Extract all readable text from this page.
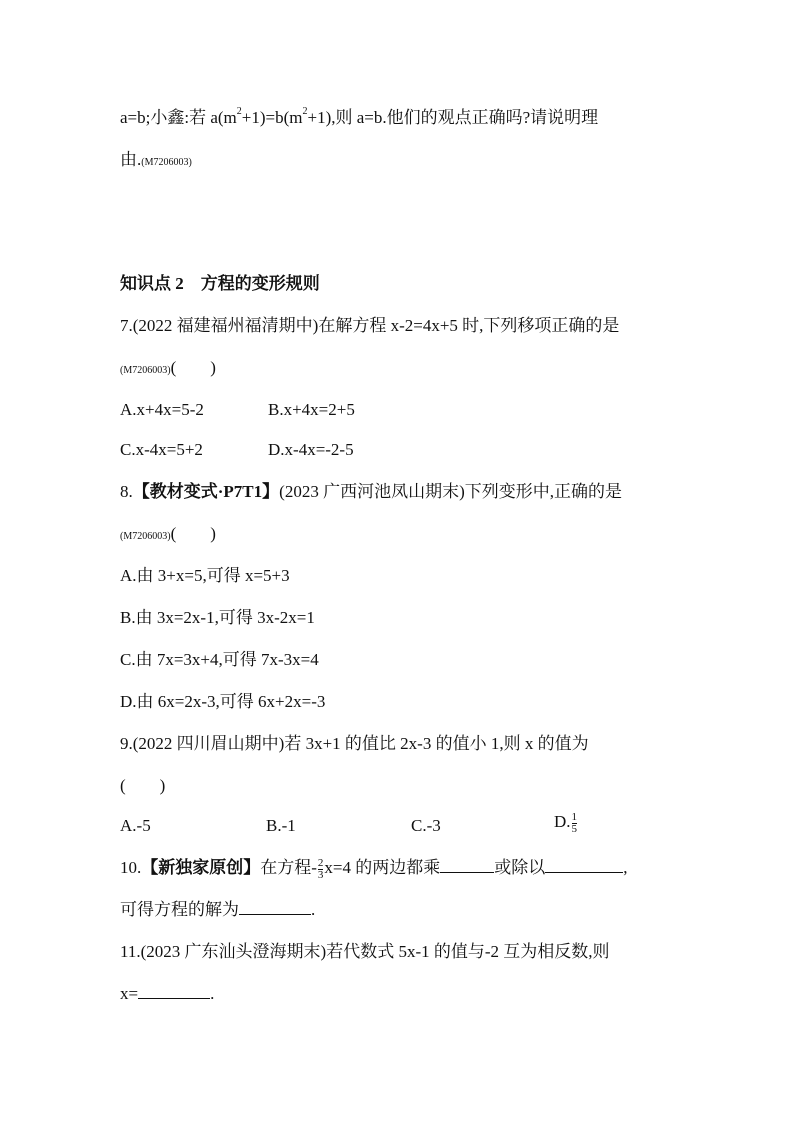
a=b;小鑫:若 $a(m^2+1)=b(m^2+1)$,则 a=b.他们的观点正确吗?请说明理
由.(M7206003)
知识点 2　方程的变形规则
7.(2022 福建福州福清期中)在解方程 x-2=4x+5 时,下列移项正确的是
(M7206003)(　　)
A.x+4x=5-2	B.x+4x=2+5
C.x-4x=5+2	D.x-4x=-2-5
8.【教材变式·P7T1】(2023 广西河池凤山期末)下列变形中,正确的是
(M7206003)(　　)
A.由 3+x=5,可得 x=5+3
B.由 3x=2x-1,可得 3x-2x=1
C.由 7x=3x+4,可得 7x-3x=4
D.由 6x=2x-3,可得 6x+2x=-3
9.(2022 四川眉山期中)若 3x+1 的值比 2x-3 的值小 1,则 x 的值为
(　　)
A.-5	B.-1	C.-3	D. $\frac{1}{5}$
10.【新独家原创】在方程- $\frac{2}{3} x=4$ 的两边都乘	或除以	,
可得方程的解为	.
11.(2023 广东汕头澄海期末)若代数式 5x-1 的值与-2 互为相反数,则
x=	.
